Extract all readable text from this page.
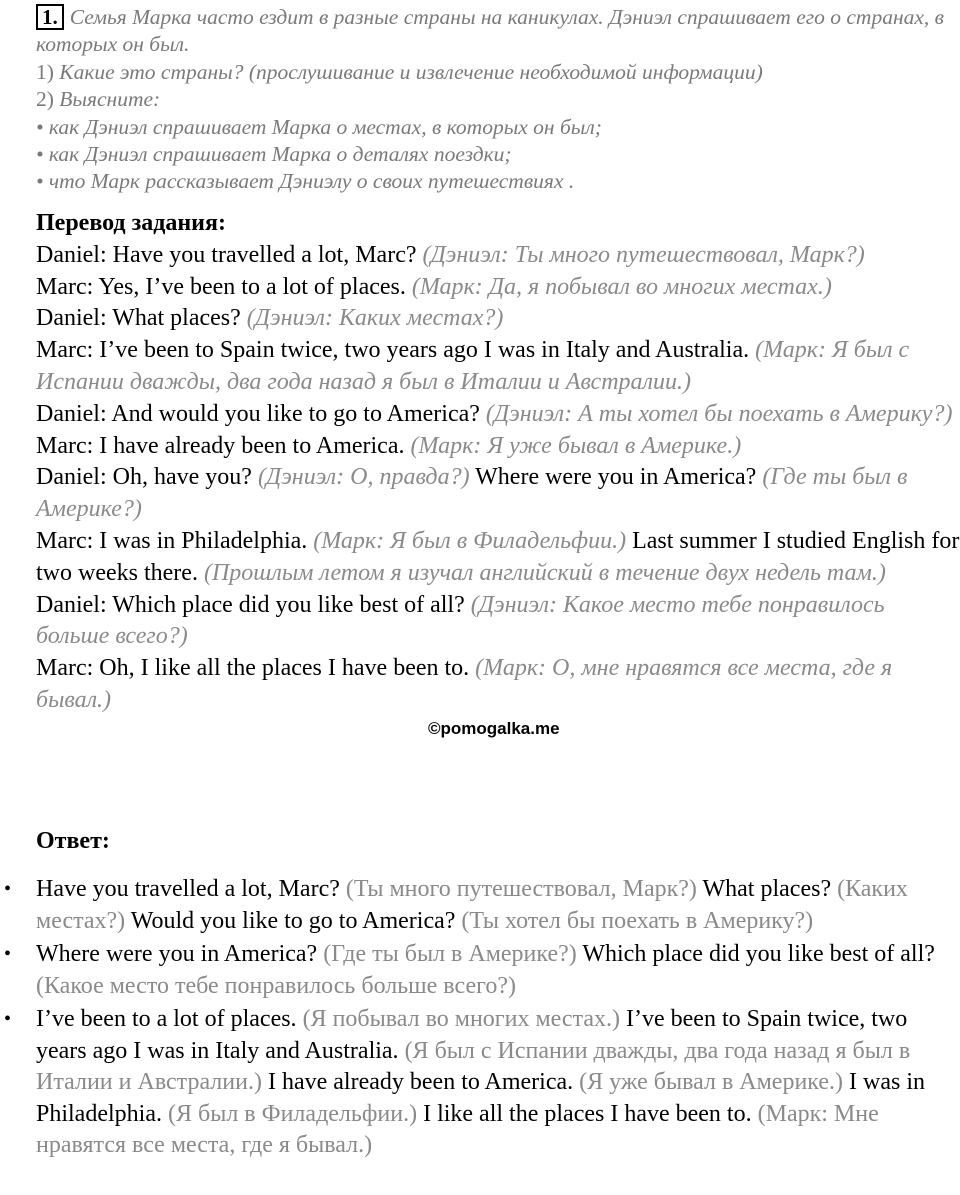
1. Семья Марка часто ездит в разные страны на каникулах. Дэниэл спрашивает его о странах, в которых он был.

1) Какие это страны? (прослушивание и извлечение необходимой информации)

2) Выясните:

• как Дэниэл спрашивает Марка о местах, в которых он был;

• как Дэниэл спрашивает Марка о деталях поездки;

• что Марк рассказывает Дэниэлу о своих путешествиях .

Перевод задания:

Daniel: Have you travelled a lot, Marc? (Дэниэл: Ты много путешествовал, Марк?)

Marc: Yes, I’ve been to a lot of places. (Марк: Да, я побывал во многих местах.)

Daniel: What places? (Дэниэл: Каких местах?)

Marc: I’ve been to Spain twice, two years ago I was in Italy and Australia. (Марк: Я был с Испании дважды, два года назад я был в Италии и Австралии.)

Daniel: And would you like to go to America? (Дэниэл: А ты хотел бы поехать в Америку?)

Marc: I have already been to America. (Марк: Я уже бывал в Америке.)

Daniel: Oh, have you? (Дэниэл: О, правда?) Where were you in America? (Где ты был в Америке?)

Marc: I was in Philadelphia. (Марк: Я был в Филадельфии.) Last summer I studied English for two weeks there. (Прошлым летом я изучал английский в течение двух недель там.)

Daniel: Which place did you like best of all? (Дэниэл: Какое место тебе понравилось больше всего?)

Marc: Oh, I like all the places I have been to. (Марк: О, мне нравятся все места, где я бывал.)

©pomogalka.me

Ответ:

• Have you travelled a lot, Marc? (Ты много путешествовал, Марк?) What places? (Каких местах?) Would you like to go to America? (Ты хотел бы поехать в Америку?)
• Where were you in America? (Где ты был в Америке?) Which place did you like best of all? (Какое место тебе понравилось больше всего?)
• I’ve been to a lot of places. (Я побывал во многих местах.) I’ve been to Spain twice, two years ago I was in Italy and Australia. (Я был с Испании дважды, два года назад я был в Италии и Австралии.) I have already been to America. (Я уже бывал в Америке.) I was in Philadelphia. (Я был в Филадельфии.) I like all the places I have been to. (Марк: Мне нравятся все места, где я бывал.)
